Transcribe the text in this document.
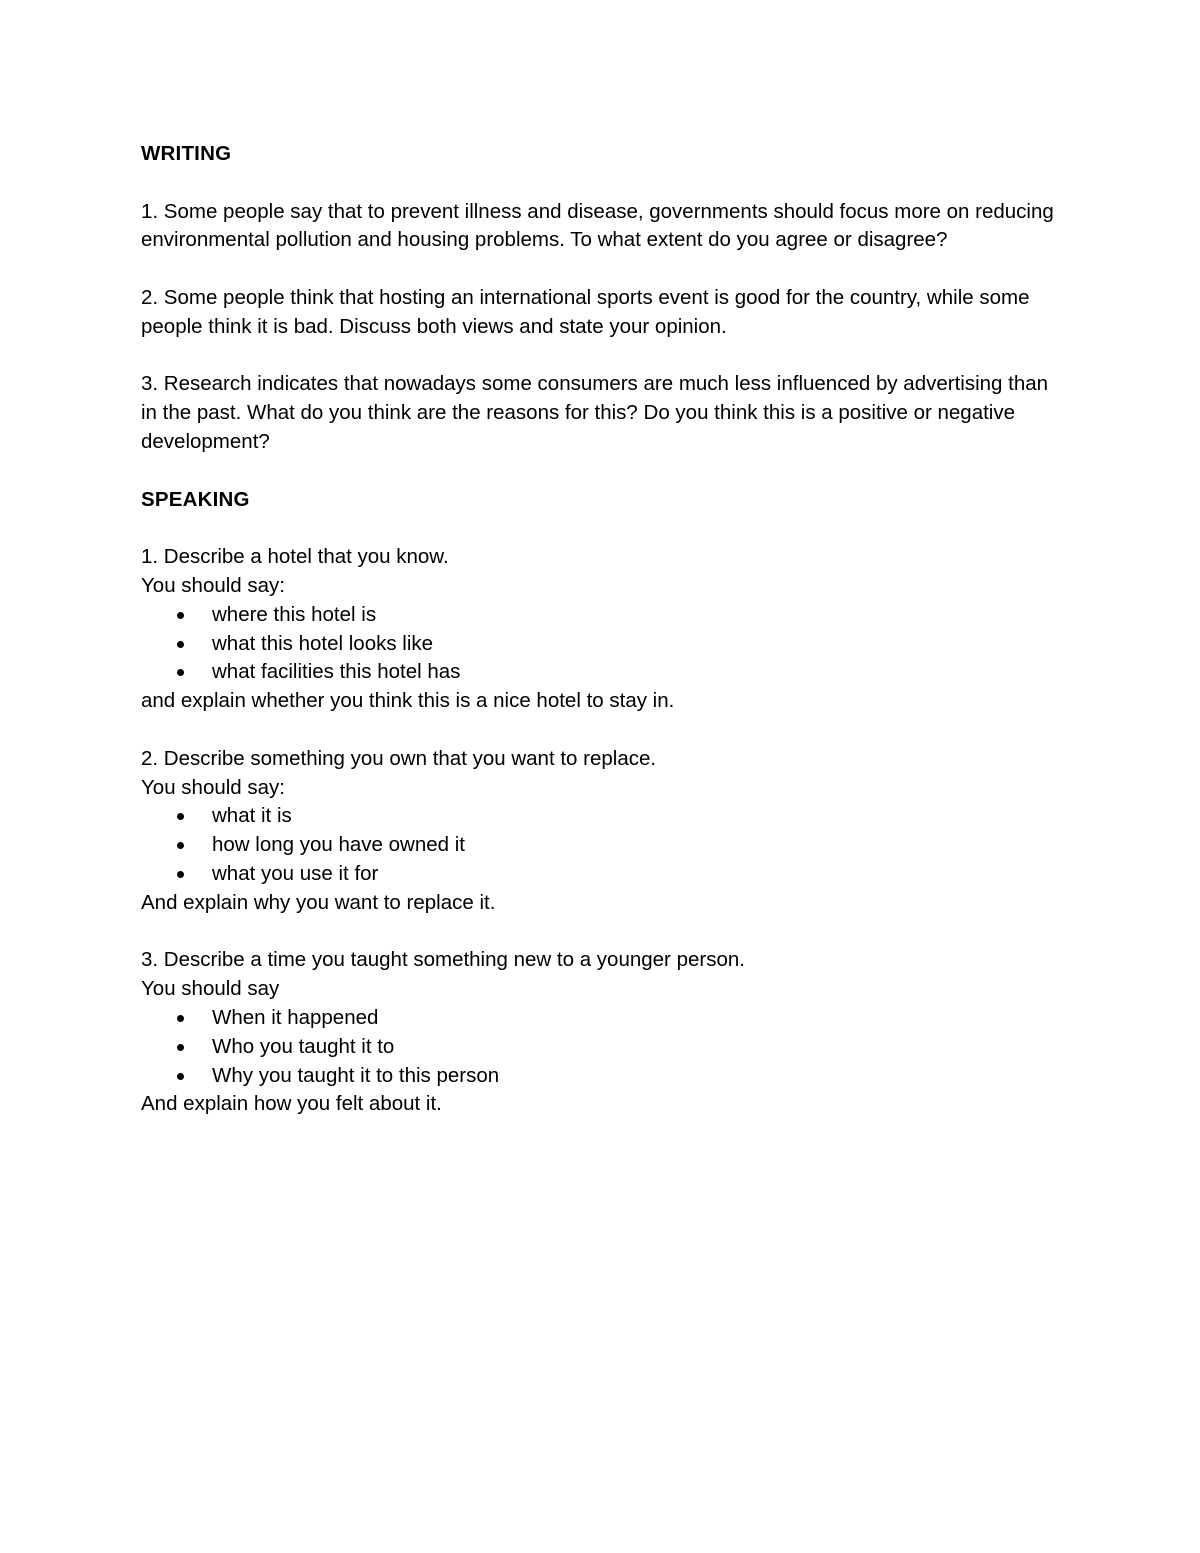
WRITING

1. Some people say that to prevent illness and disease, governments should focus more on reducing environmental pollution and housing problems. To what extent do you agree or disagree?

2. Some people think that hosting an international sports event is good for the country, while some people think it is bad. Discuss both views and state your opinion.

3. Research indicates that nowadays some consumers are much less influenced by advertising than in the past. What do you think are the reasons for this? Do you think this is a positive or negative development?

SPEAKING

1. Describe a hotel that you know.

You should say:

where this hotel is
what this hotel looks like
what facilities this hotel has

and explain whether you think this is a nice hotel to stay in.

2. Describe something you own that you want to replace.

You should say:

what it is
how long you have owned it
what you use it for

And explain why you want to replace it.

3. Describe a time you taught something new to a younger person.

You should say

When it happened
Who you taught it to
Why you taught it to this person

And explain how you felt about it.
